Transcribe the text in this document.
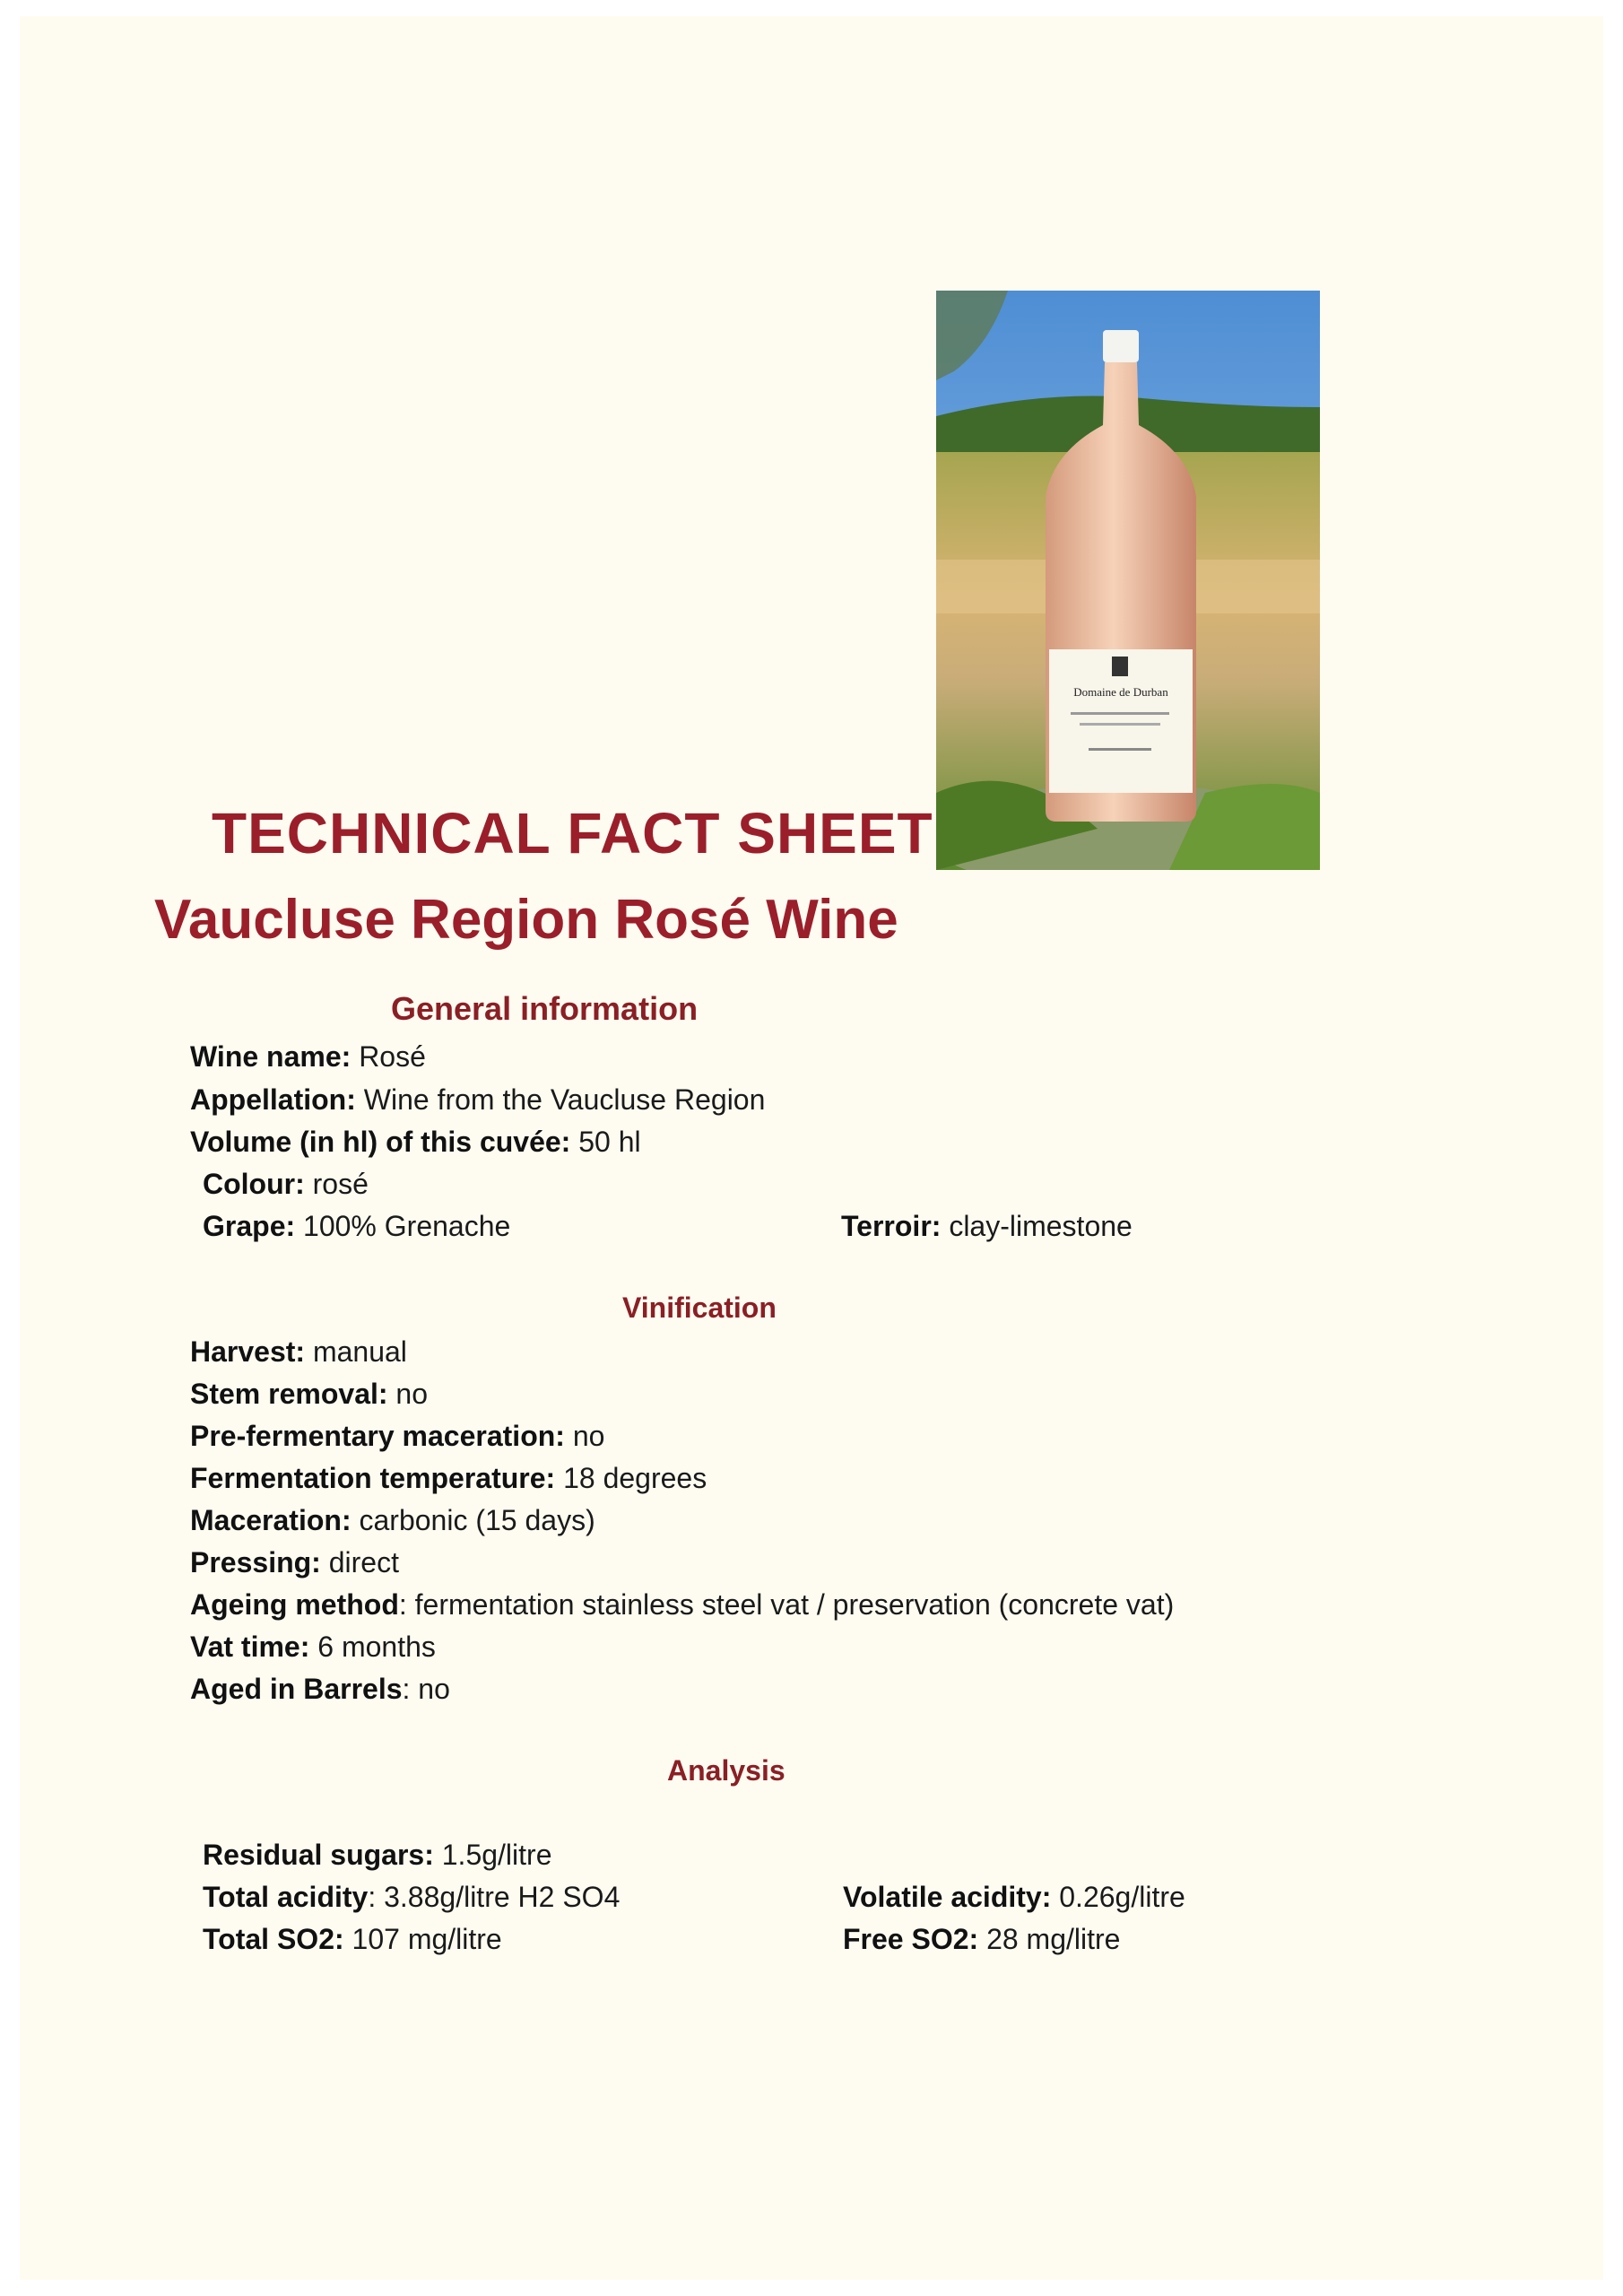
Domaine de Durban
TECHNICAL FACT SHEET
Vaucluse Region Rosé Wine
General information
Wine name: Rosé
Appellation: Wine from the Vaucluse Region
Volume (in hl) of this cuvée: 50 hl
Colour: rosé
Grape: 100% Grenache	Terroir: clay-limestone
Vinification
Harvest: manual
Stem removal: no
Pre-fermentary maceration: no
Fermentation temperature: 18 degrees
Maceration: carbonic (15 days)
Pressing: direct
Ageing method: fermentation stainless steel vat / preservation (concrete vat)
Vat time: 6 months
Aged in Barrels: no
Analysis
Residual sugars: 1.5g/litre
Total acidity: 3.88g/litre H2 SO4	Volatile acidity: 0.26g/litre
Total SO2: 107 mg/litre	Free SO2: 28 mg/litre
